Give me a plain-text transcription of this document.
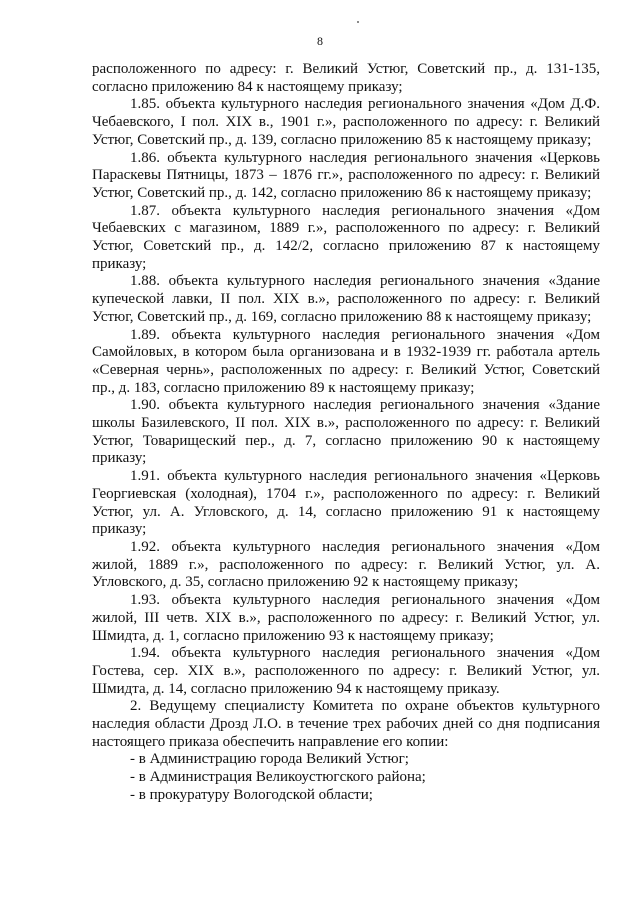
8

расположенного по адресу: г. Великий Устюг, Советский пр., д. 131-135, согласно приложению 84 к настоящему приказу;

1.85. объекта культурного наследия регионального значения «Дом Д.Ф. Чебаевского, I пол. XIX в., 1901 г.», расположенного по адресу: г. Великий Устюг, Советский пр., д. 139, согласно приложению 85 к настоящему приказу;

1.86. объекта культурного наследия регионального значения «Церковь Параскевы Пятницы, 1873 – 1876 гг.», расположенного по адресу: г. Великий Устюг, Советский пр., д. 142, согласно приложению 86 к настоящему приказу;

1.87. объекта культурного наследия регионального значения «Дом Чебаевских с магазином, 1889 г.», расположенного по адресу: г. Великий Устюг, Советский пр., д. 142/2, согласно приложению 87 к настоящему приказу;

1.88. объекта культурного наследия регионального значения «Здание купеческой лавки, II пол. XIX в.», расположенного по адресу: г. Великий Устюг, Советский пр., д. 169, согласно приложению 88 к настоящему приказу;

1.89. объекта культурного наследия регионального значения «Дом Самойловых, в котором была организована и в 1932-1939 гг. работала артель «Северная чернь», расположенных по адресу: г. Великий Устюг, Советский пр., д. 183, согласно приложению 89 к настоящему приказу;

1.90. объекта культурного наследия регионального значения «Здание школы Базилевского, II пол. XIX в.», расположенного по адресу: г. Великий Устюг, Товарищеский пер., д. 7, согласно приложению 90 к настоящему приказу;

1.91. объекта культурного наследия регионального значения «Церковь Георгиевская (холодная), 1704 г.», расположенного по адресу: г. Великий Устюг, ул. А. Угловского, д. 14, согласно приложению 91 к настоящему приказу;

1.92. объекта культурного наследия регионального значения «Дом жилой, 1889 г.», расположенного по адресу: г. Великий Устюг, ул. А. Угловского, д. 35, согласно приложению 92 к настоящему приказу;

1.93. объекта культурного наследия регионального значения «Дом жилой, III четв. XIX в.», расположенного по адресу: г. Великий Устюг, ул. Шмидта, д. 1, согласно приложению 93 к настоящему приказу;

1.94. объекта культурного наследия регионального значения «Дом Гостева, сер. XIX в.», расположенного по адресу: г. Великий Устюг, ул. Шмидта, д. 14, согласно приложению 94 к настоящему приказу.

2. Ведущему специалисту Комитета по охране объектов культурного наследия области Дрозд Л.О. в течение трех рабочих дней со дня подписания настоящего приказа обеспечить направление его копии:

- в Администрацию города Великий Устюг;

- в Администрация Великоустюгского района;

- в прокуратуру Вологодской области;
